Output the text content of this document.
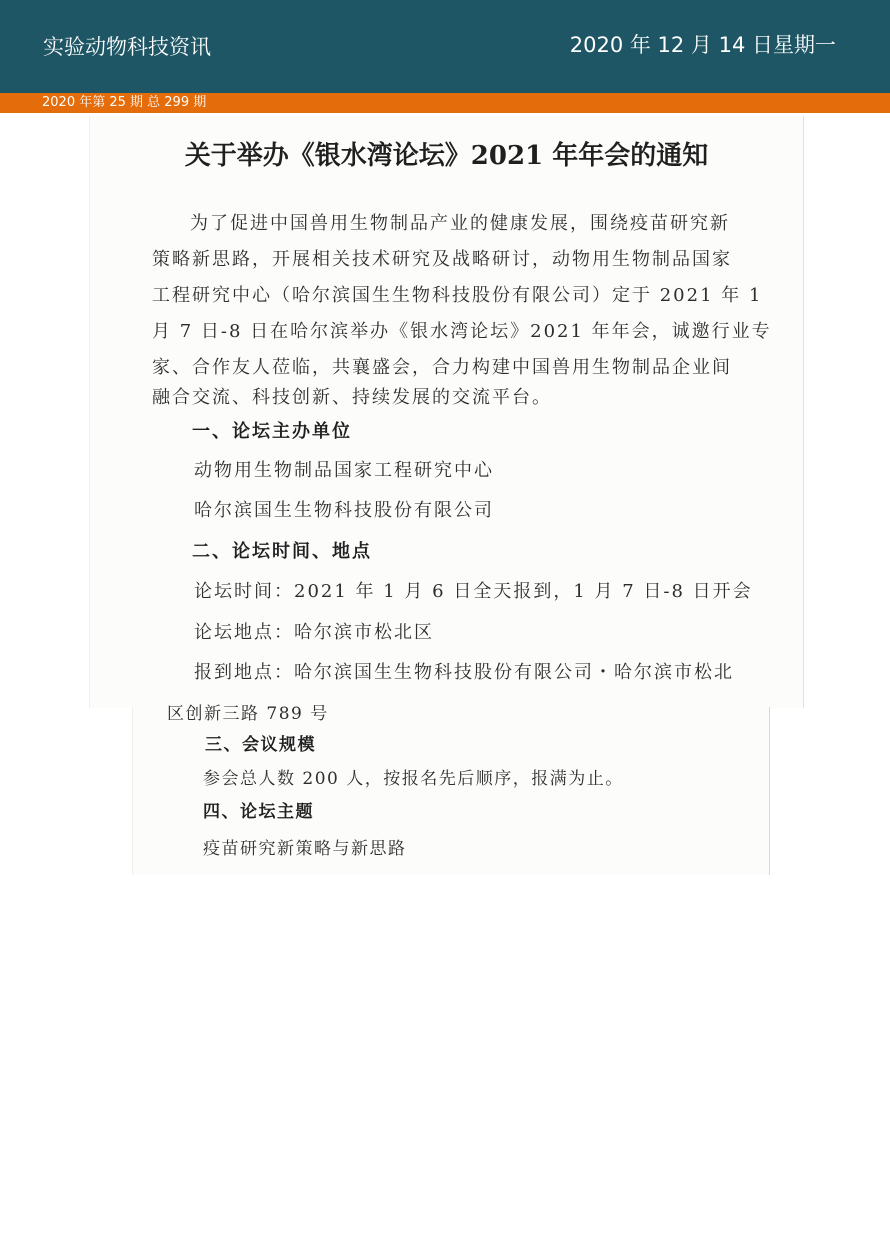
实验动物科技资讯	2020 年 12 月 14 日星期一
2020 年第 25 期 总 299 期
关于举办《银水湾论坛》2021 年年会的通知
为了促进中国兽用生物制品产业的健康发展，围绕疫苗研究新
策略新思路，开展相关技术研究及战略研讨，动物用生物制品国家
工程研究中心（哈尔滨国生生物科技股份有限公司）定于 2021 年 1
月 7 日-8 日在哈尔滨举办《银水湾论坛》2021 年年会，诚邀行业专
家、合作友人莅临，共襄盛会，合力构建中国兽用生物制品企业间
融合交流、科技创新、持续发展的交流平台。
一、论坛主办单位
动物用生物制品国家工程研究中心
哈尔滨国生生物科技股份有限公司
二、论坛时间、地点
论坛时间：2021 年 1 月 6 日全天报到，1 月 7 日-8 日开会
论坛地点：哈尔滨市松北区
报到地点：哈尔滨国生生物科技股份有限公司・哈尔滨市松北
区创新三路 789 号
三、会议规模
参会总人数 200 人，按报名先后顺序，报满为止。
四、论坛主题
疫苗研究新策略与新思路
